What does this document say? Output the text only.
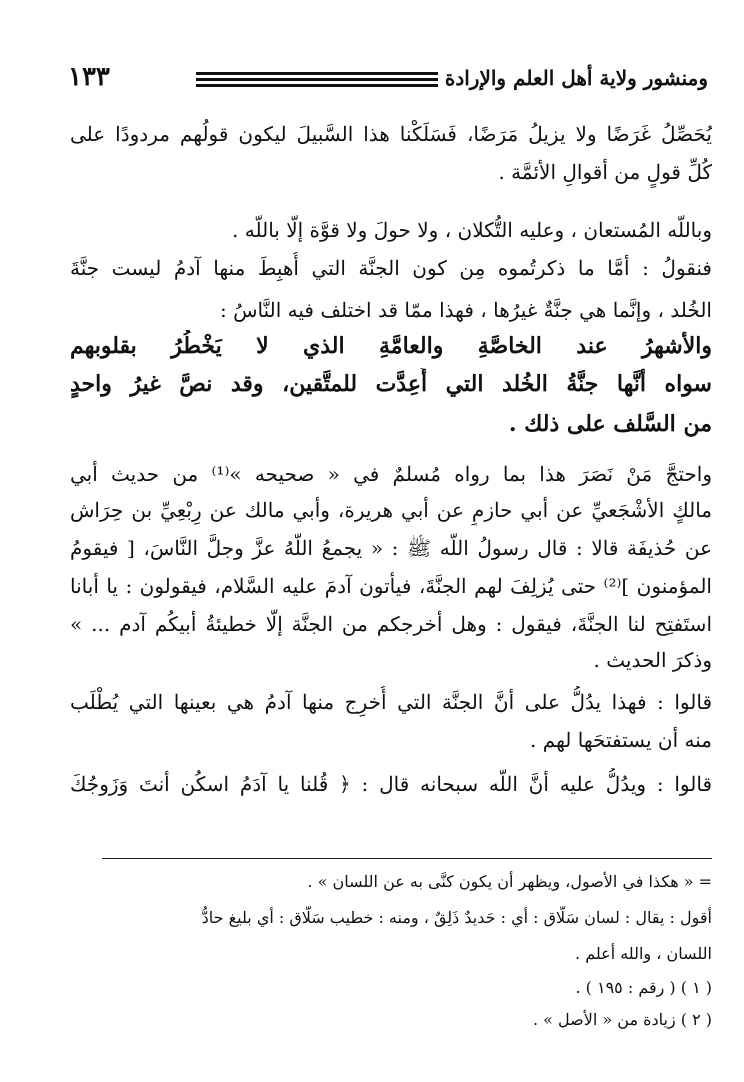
ومنشور ولاية أهل العلم والإرادة
١٣٣
يُحَصِّلُ غَرَضًا ولا يزيلُ مَرَضًا، فَسَلَكْنا هذا السَّبيلَ ليكون قولُهم مردودًا على
كُلِّ قولٍ من أقوالِ الأئمَّة .
وباللّه المُستعان ، وعليه التُّكلان ، ولا حولَ ولا قوَّة إلّا باللّه .
فنقولُ : أمَّا ما ذكرتُموه مِن كون الجنَّة التي أُهبِطَ منها آدمُ ليست جنَّةَ
الخُلد ، وإنَّما هي جنَّةٌ غيرُها ، فهذا ممّا قد اختلف فيه النَّاسُ :
والأشهرُ عند الخاصَّةِ والعامَّةِ الذي لا يَخْطُرُ بقلوبهم
سواه أنَّها جنَّةُ الخُلد التي أُعِدَّت للمتَّقين، وقد نصَّ غيرُ واحدٍ
من السَّلف على ذلك .
واحتجَّ مَنْ نَصَرَ هذا بما رواه مُسلمٌ في « صحيحه »⁽¹⁾ من حديث أبي
مالكٍ الأشْجَعيِّ عن أبي حازمٍ عن أبي هريرة، وأبي مالك عن رِبْعِيِّ بن حِرَاش
عن حُذيفَة قالا : قال رسولُ اللّه ﷺ : « يجمعُ اللّهُ عزَّ وجلَّ النَّاسَ، [ فيقومُ
المؤمنون ]⁽²⁾ حتى يُزلِفَ لهم الجنَّةَ، فيأتون آدمَ عليه السَّلام، فيقولون : يا أبانا
استَفتِح لنا الجنَّةَ، فيقول : وهل أخرجكم من الجنَّة إلّا خطيئةُ أبيكُم آدم ... »
وذكرَ الحديث .
قالوا : فهذا يدُلُّ على أنَّ الجنَّة التي أُخرِج منها آدمُ هي بعينها التي يُطْلَب
منه أن يستفتحَها لهم .
قالوا : ويدُلُّ عليه أنَّ اللّه سبحانه قال : ﴿ قُلنا يا آدَمُ اسكُن أنتَ وَزَوجُكَ
= « هكذا في الأصول، ويظهر أن يكون كنَّى به عن اللسان » .
أقول : يقال : لسان سَلّاق : أي : حَديدٌ ذَلِقٌ ، ومنه : خطيب سَلّاق : أي بليغ حادُّ
اللسان ، والله أعلم .
( ١ ) ( رقم : ١٩٥ ) .
( ٢ ) زيادة من « الأصل » .
